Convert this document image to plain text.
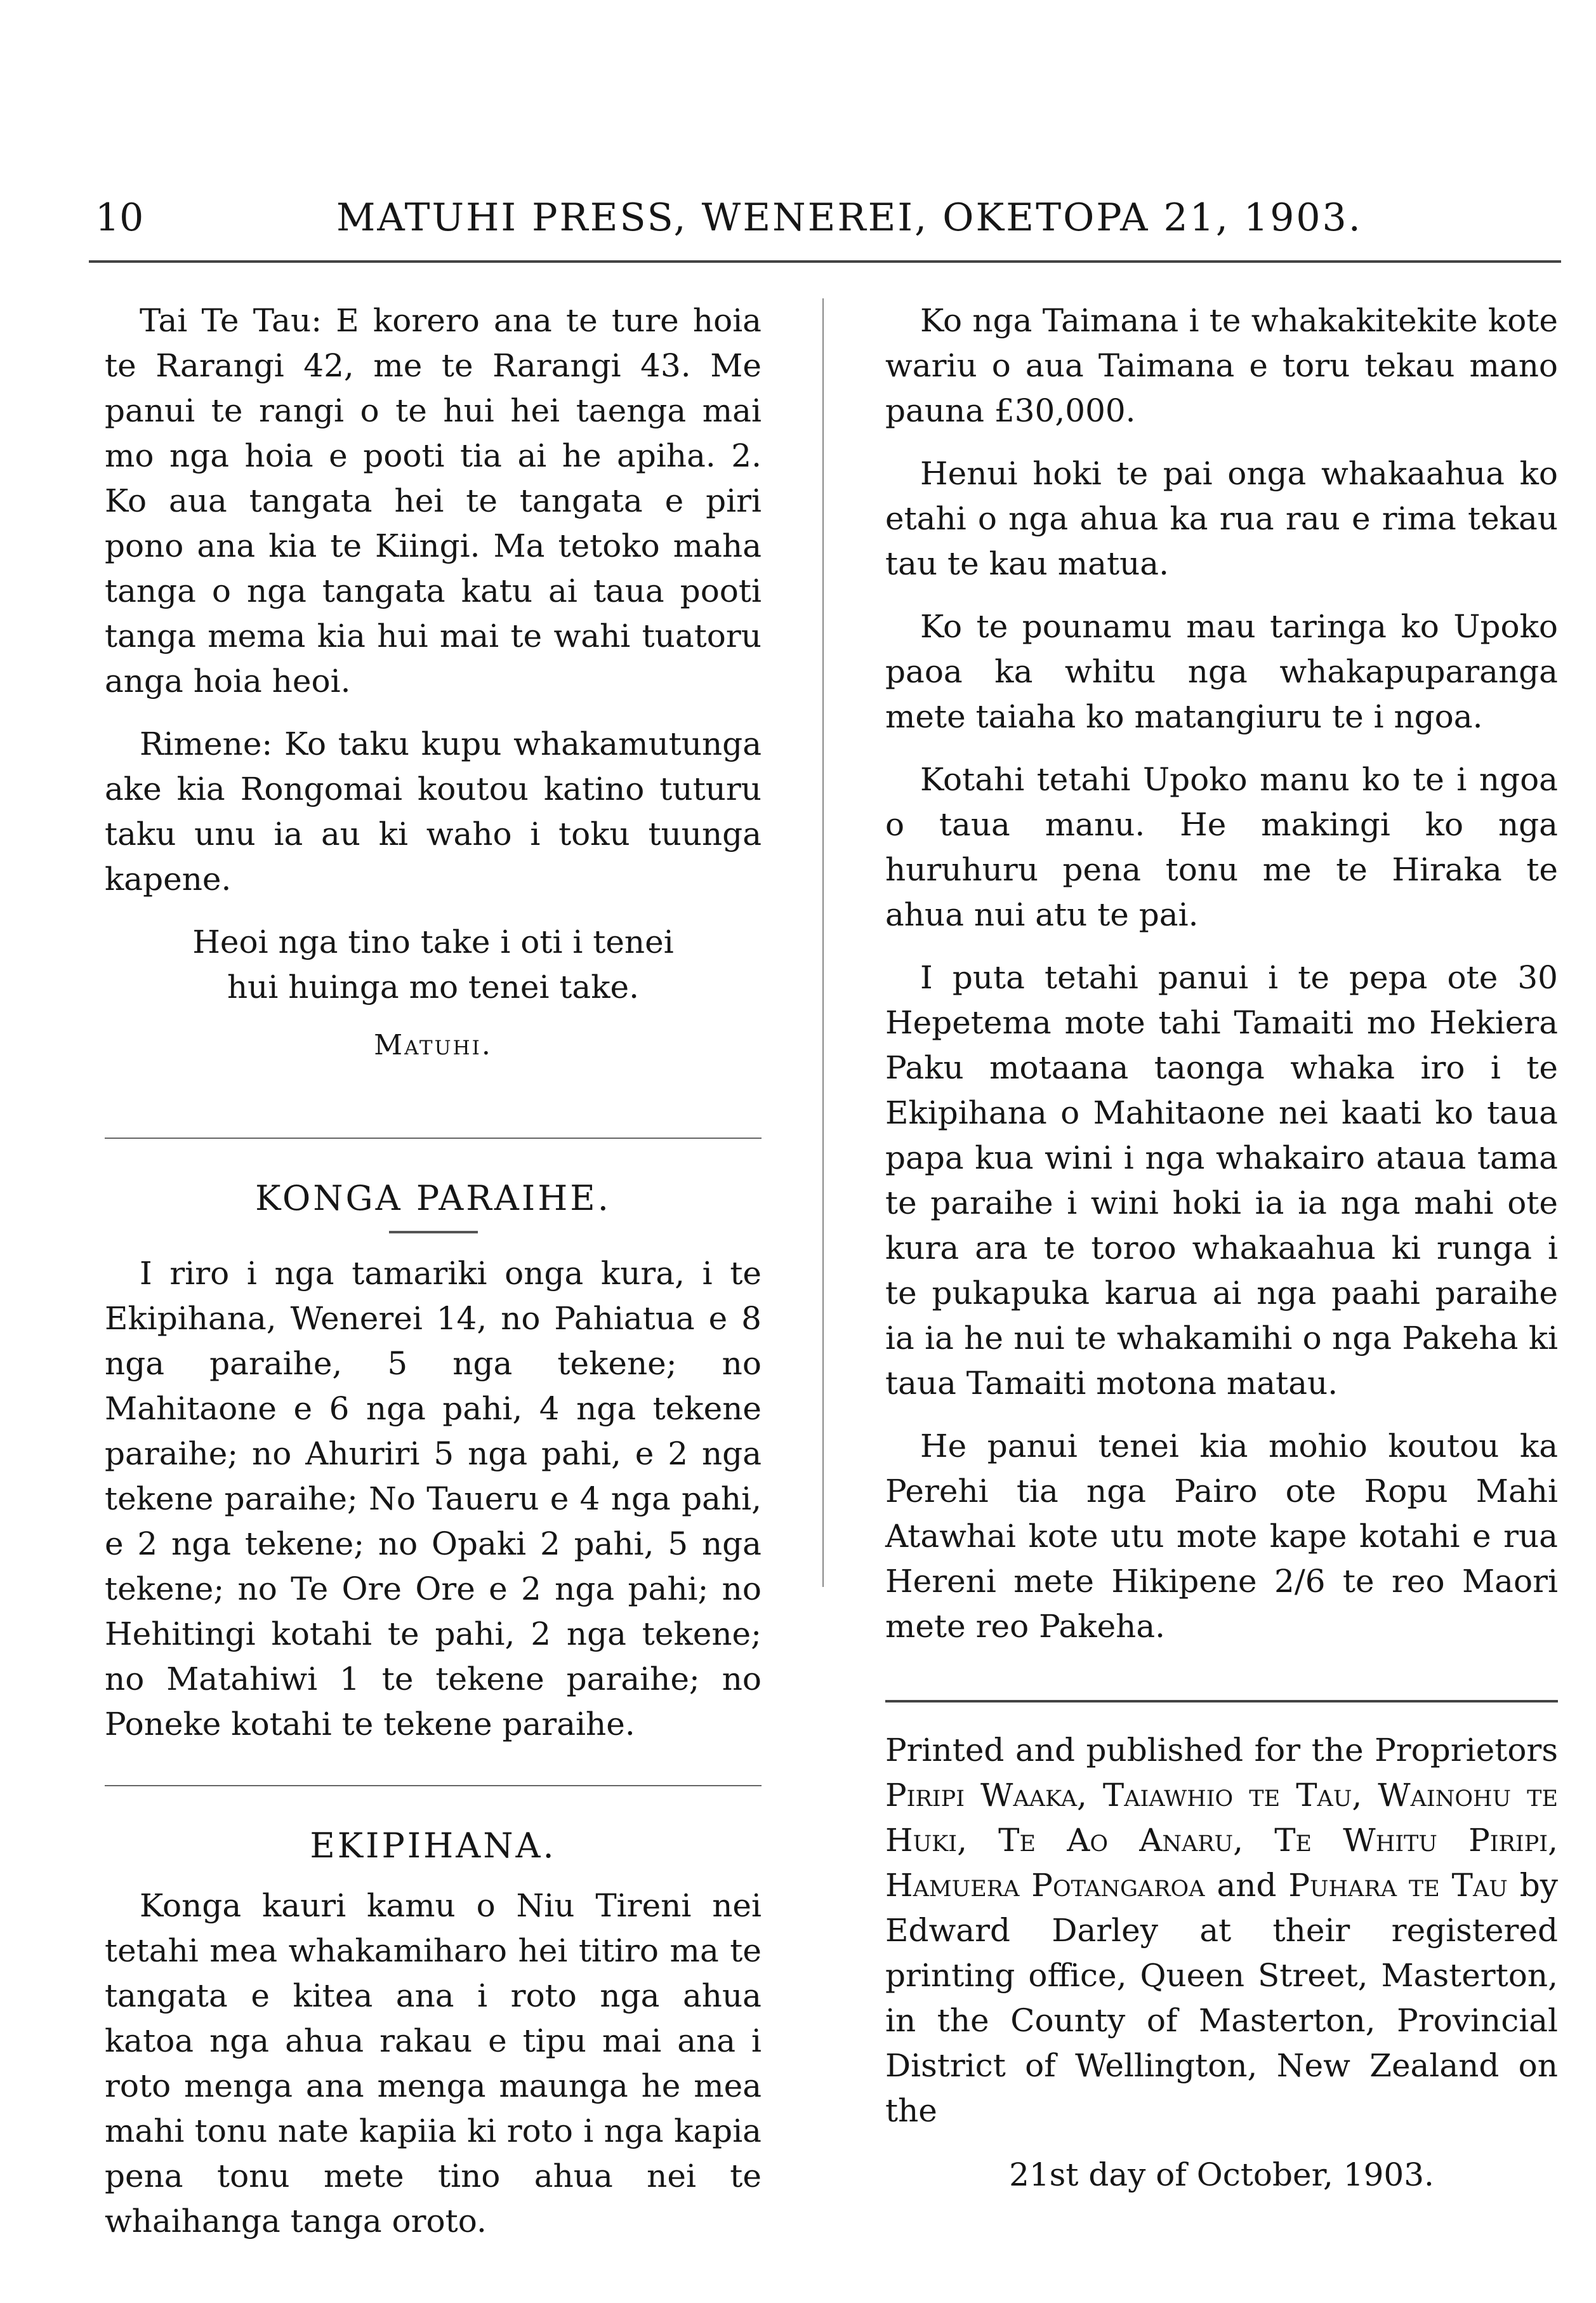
10	MATUHI PRESS, WENEREI, OKETOPA 21, 1903.

Tai Te Tau: E korero ana te ture hoia te Rarangi 42, me te Rarangi 43. Me panui te rangi o te hui hei taenga mai mo nga hoia e pooti tia ai he apiha. 2. Ko aua tangata hei te tangata e piri pono ana kia te Kiingi. Ma tetoko maha tanga o nga tangata katu ai taua pooti tanga mema kia hui mai te wahi tuatoru anga hoia heoi.

Rimene: Ko taku kupu whakamutunga ake kia Rongomai koutou katino tuturu taku unu ia au ki waho i toku tuunga kapene.

Heoi nga tino take i oti i tenei

hui huinga mo tenei take.

Matuhi.

KONGA PARAIHE.

I riro i nga tamariki onga kura, i te Ekipihana, Wenerei 14, no Pahiatua e 8 nga paraihe, 5 nga tekene; no Mahitaone e 6 nga pahi, 4 nga tekene paraihe; no Ahuriri 5 nga pahi, e 2 nga tekene paraihe; No Taueru e 4 nga pahi, e 2 nga tekene; no Opaki 2 pahi, 5 nga tekene; no Te Ore Ore e 2 nga pahi; no Hehitingi kotahi te pahi, 2 nga tekene; no Matahiwi 1 te tekene paraihe; no Poneke kotahi te tekene paraihe.

EKIPIHANA.

Konga kauri kamu o Niu Tireni nei tetahi mea whakamiharo hei titiro ma te tangata e kitea ana i roto nga ahua katoa nga ahua rakau e tipu mai ana i roto menga ana menga maunga he mea mahi tonu nate kapiia ki roto i nga kapia pena tonu mete tino ahua nei te whaihanga tanga oroto.

Ko nga Taimana i te whakakitekite kote wariu o aua Taimana e toru tekau mano pauna £30,000.

Henui hoki te pai onga whakaahua ko etahi o nga ahua ka rua rau e rima tekau tau te kau matua.

Ko te pounamu mau taringa ko Upoko paoa ka whitu nga whakapuparanga mete taiaha ko matangiuru te i ngoa.

Kotahi tetahi Upoko manu ko te i ngoa o taua manu. He makingi ko nga huruhuru pena tonu me te Hiraka te ahua nui atu te pai.

I puta tetahi panui i te pepa ote 30 Hepetema mote tahi Tamaiti mo Hekiera Paku motaana taonga whaka iro i te Ekipihana o Mahitaone nei kaati ko taua papa kua wini i nga whakairo ataua tama te paraihe i wini hoki ia ia nga mahi ote kura ara te toroo whakaahua ki runga i te pukapuka karua ai nga paahi paraihe ia ia he nui te whakamihi o nga Pakeha ki taua Tamaiti motona matau.

He panui tenei kia mohio koutou ka Perehi tia nga Pairo ote Ropu Mahi Atawhai kote utu mote kape kotahi e rua Hereni mete Hikipene 2/6 te reo Maori mete reo Pakeha.

Printed and published for the Proprietors Piripi Waaka, Taiawhio te Tau, Wainohu te Huki, Te Ao Anaru, Te Whitu Piripi, Hamuera Potangaroa and Puhara te Tau by Edward Darley at their registered printing office, Queen Street, Masterton, in the County of Masterton, Provincial District of Wellington, New Zealand on the

21st day of October, 1903.
